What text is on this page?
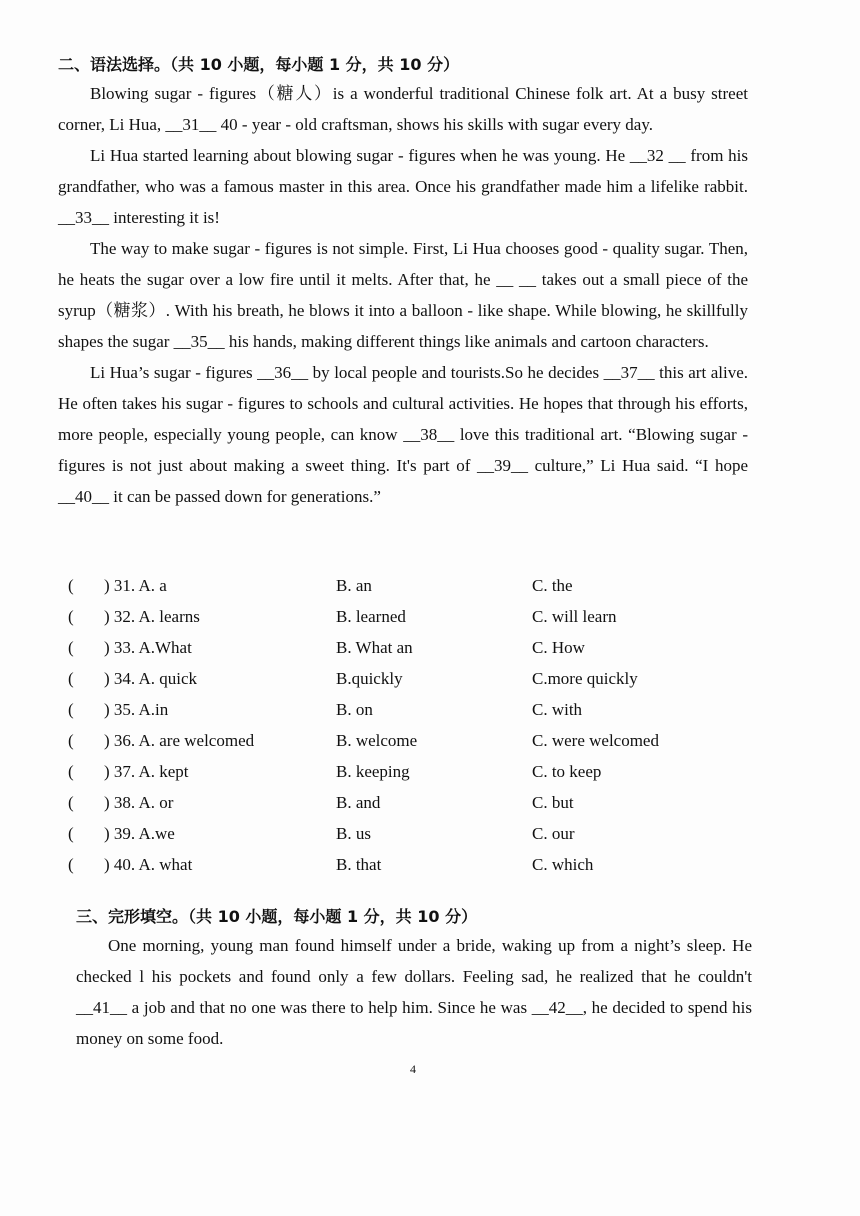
二、语法选择。（共 10 小题，每小题 1 分，共 10 分）

Blowing sugar - figures（糖人）is a wonderful traditional Chinese folk art. At a busy street corner, Li Hua, __31__ 40 - year - old craftsman, shows his skills with sugar every day.

Li Hua started learning about blowing sugar - figures when he was young. He __32 __ from his grandfather, who was a famous master in this area. Once his grandfather made him a lifelike rabbit. __33__ interesting it is!

The way to make sugar - figures is not simple. First, Li Hua chooses good - quality sugar. Then, he heats the sugar over a low fire until it melts. After that, he __ __ takes out a small piece of the syrup（糖浆）. With his breath, he blows it into a balloon - like shape. While blowing, he skillfully shapes the sugar __35__ his hands, making different things like animals and cartoon characters.

Li Hua’s sugar - figures __36__ by local people and tourists.So he decides __37__ this art alive. He often takes his sugar - figures to schools and cultural activities. He hopes that through his efforts, more people, especially young people, can know __38__ love this traditional art. “Blowing sugar - figures is not just about making a sweet thing. It's part of __39__ culture,” Li Hua said. “I hope __40__ it can be passed down for generations.”

( ) 31. A. a	B. an	C. the
( ) 32. A. learns	B. learned	C. will learn
( ) 33. A.What	B. What an	C. How
( ) 34. A. quick	B.quickly	C.more quickly
( ) 35. A.in	B. on	C. with
( ) 36. A. are welcomed	B. welcome	C. were welcomed
( ) 37. A. kept	B. keeping	C. to keep
( ) 38. A. or	B. and	C. but
( ) 39. A.we	B. us	C. our
( ) 40. A. what	B. that	C. which
三、完形填空。（共 10 小题，每小题 1 分，共 10 分）

One morning, young man found himself under a bride, waking up from a night’s sleep. He checked l his pockets and found only a few dollars. Feeling sad, he realized that he couldn't __41__ a job and that no one was there to help him. Since he was __42__, he decided to spend his money on some food.

4
